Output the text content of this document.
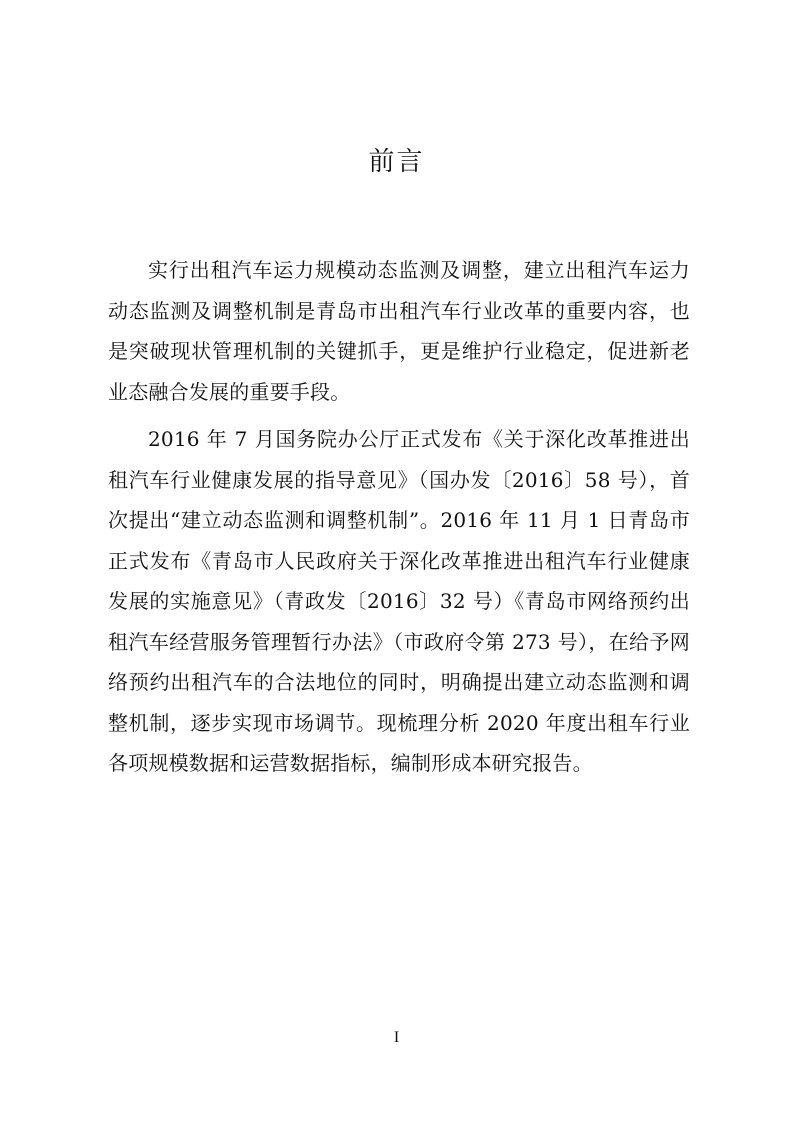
前言

实行出租汽车运力规模动态监测及调整，建立出租汽车运力动态监测及调整机制是青岛市出租汽车行业改革的重要内容，也是突破现状管理机制的关键抓手，更是维护行业稳定，促进新老业态融合发展的重要手段。

2016 年 7 月国务院办公厅正式发布《关于深化改革推进出租汽车行业健康发展的指导意见》（国办发〔2016〕58 号），首次提出“建立动态监测和调整机制”。2016 年 11 月 1 日青岛市正式发布《青岛市人民政府关于深化改革推进出租汽车行业健康发展的实施意见》（青政发〔2016〕32 号）《青岛市网络预约出租汽车经营服务管理暂行办法》（市政府令第 273 号），在给予网络预约出租汽车的合法地位的同时，明确提出建立动态监测和调整机制，逐步实现市场调节。现梳理分析 2020 年度出租车行业各项规模数据和运营数据指标，编制形成本研究报告。

I
